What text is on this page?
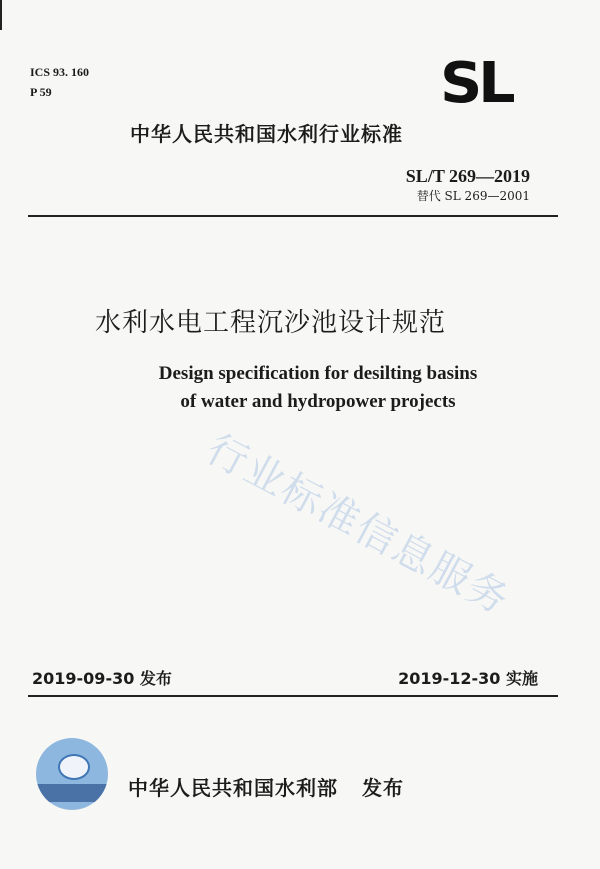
ICS 93. 160
P 59	SL
中华人民共和国水利行业标准
SL/T 269—2019
替代 SL 269—2001
水利水电工程沉沙池设计规范
Design specification for desilting basins
of water and hydropower projects
行业标准信息服务
2019-09-30 发布	2019-12-30 实施
中华人民共和国水利部 发布
